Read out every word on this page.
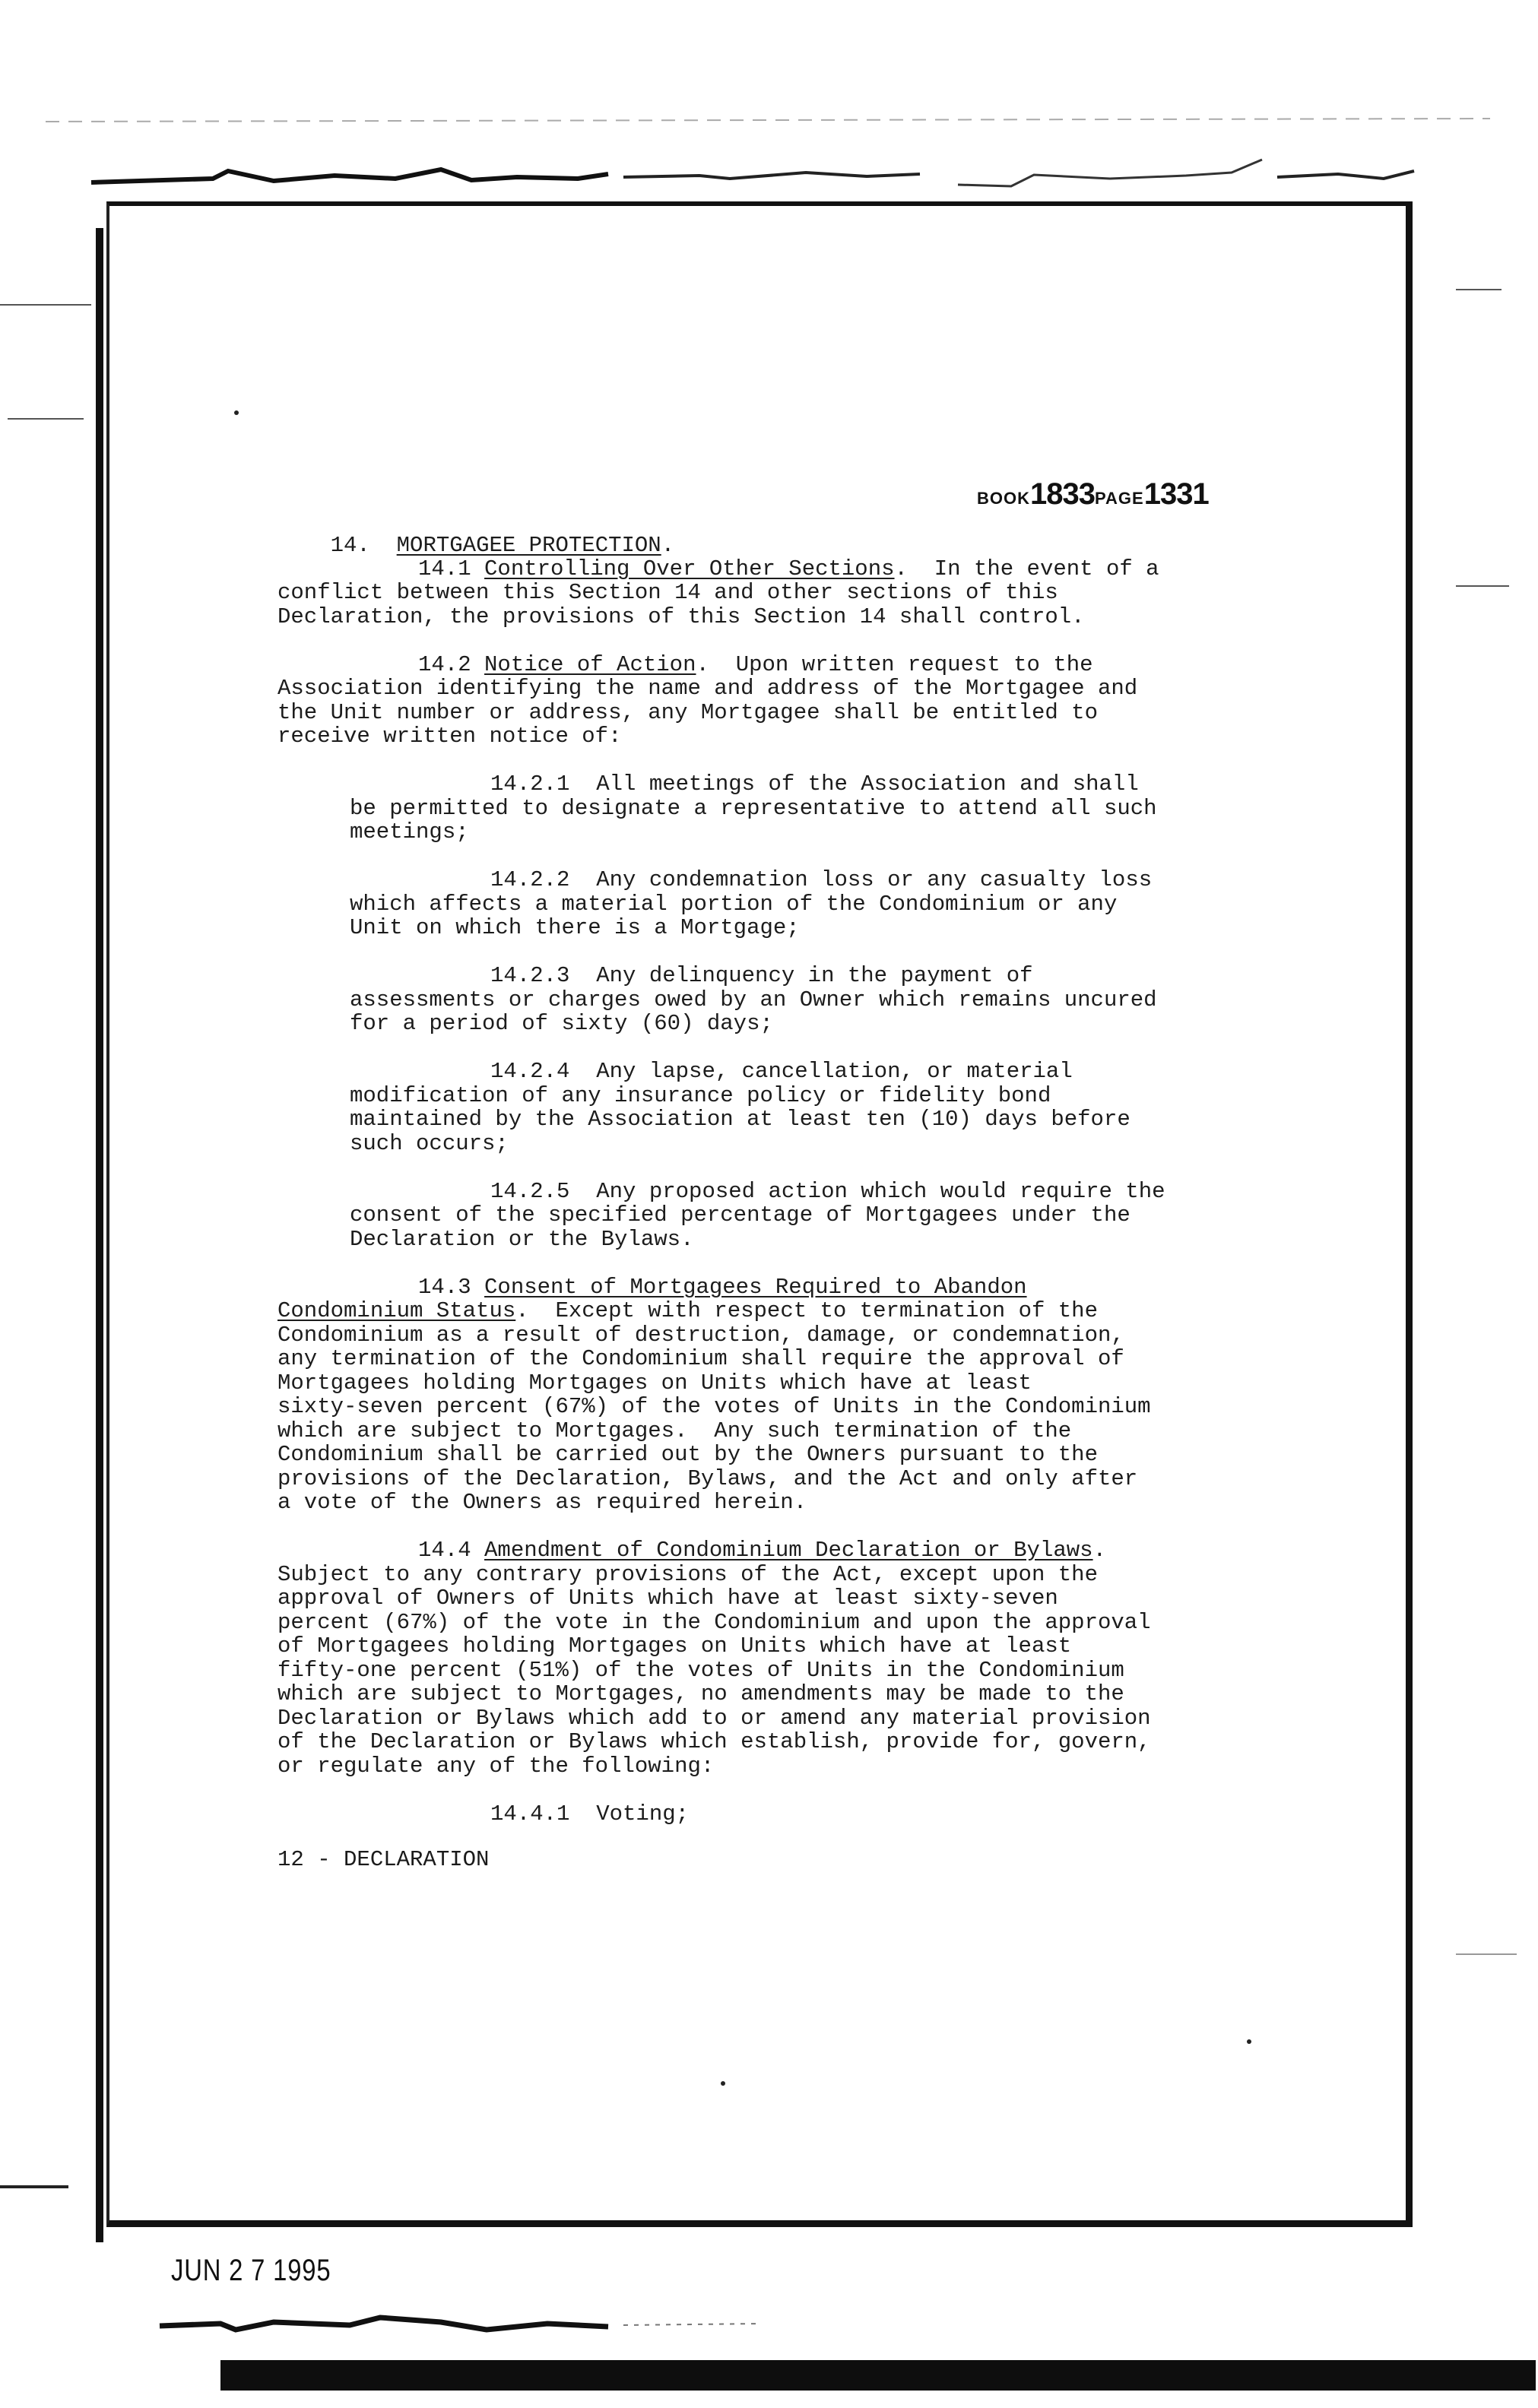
BOOK1833PAGE1331

14. MORTGAGEE PROTECTION.

14.1 Controlling Over Other Sections.  In the event of a

conflict between this Section 14 and other sections of this

Declaration, the provisions of this Section 14 shall control.

14.2 Notice of Action.  Upon written request to the

Association identifying the name and address of the Mortgagee and

the Unit number or address, any Mortgagee shall be entitled to

receive written notice of:

14.2.1  All meetings of the Association and shall

be permitted to designate a representative to attend all such

meetings;

14.2.2  Any condemnation loss or any casualty loss

which affects a material portion of the Condominium or any

Unit on which there is a Mortgage;

14.2.3  Any delinquency in the payment of

assessments or charges owed by an Owner which remains uncured

for a period of sixty (60) days;

14.2.4  Any lapse, cancellation, or material

modification of any insurance policy or fidelity bond

maintained by the Association at least ten (10) days before

such occurs;

14.2.5  Any proposed action which would require the

consent of the specified percentage of Mortgagees under the

Declaration or the Bylaws.

14.3 Consent of Mortgagees Required to Abandon

Condominium Status.  Except with respect to termination of the

Condominium as a result of destruction, damage, or condemnation,

any termination of the Condominium shall require the approval of

Mortgagees holding Mortgages on Units which have at least

sixty-seven percent (67%) of the votes of Units in the Condominium

which are subject to Mortgages.  Any such termination of the

Condominium shall be carried out by the Owners pursuant to the

provisions of the Declaration, Bylaws, and the Act and only after

a vote of the Owners as required herein.

14.4 Amendment of Condominium Declaration or Bylaws.

Subject to any contrary provisions of the Act, except upon the

approval of Owners of Units which have at least sixty-seven

percent (67%) of the vote in the Condominium and upon the approval

of Mortgagees holding Mortgages on Units which have at least

fifty-one percent (51%) of the votes of Units in the Condominium

which are subject to Mortgages, no amendments may be made to the

Declaration or Bylaws which add to or amend any material provision

of the Declaration or Bylaws which establish, provide for, govern,

or regulate any of the following:

14.4.1  Voting;

12 - DECLARATION
JUN 2 7 1995
